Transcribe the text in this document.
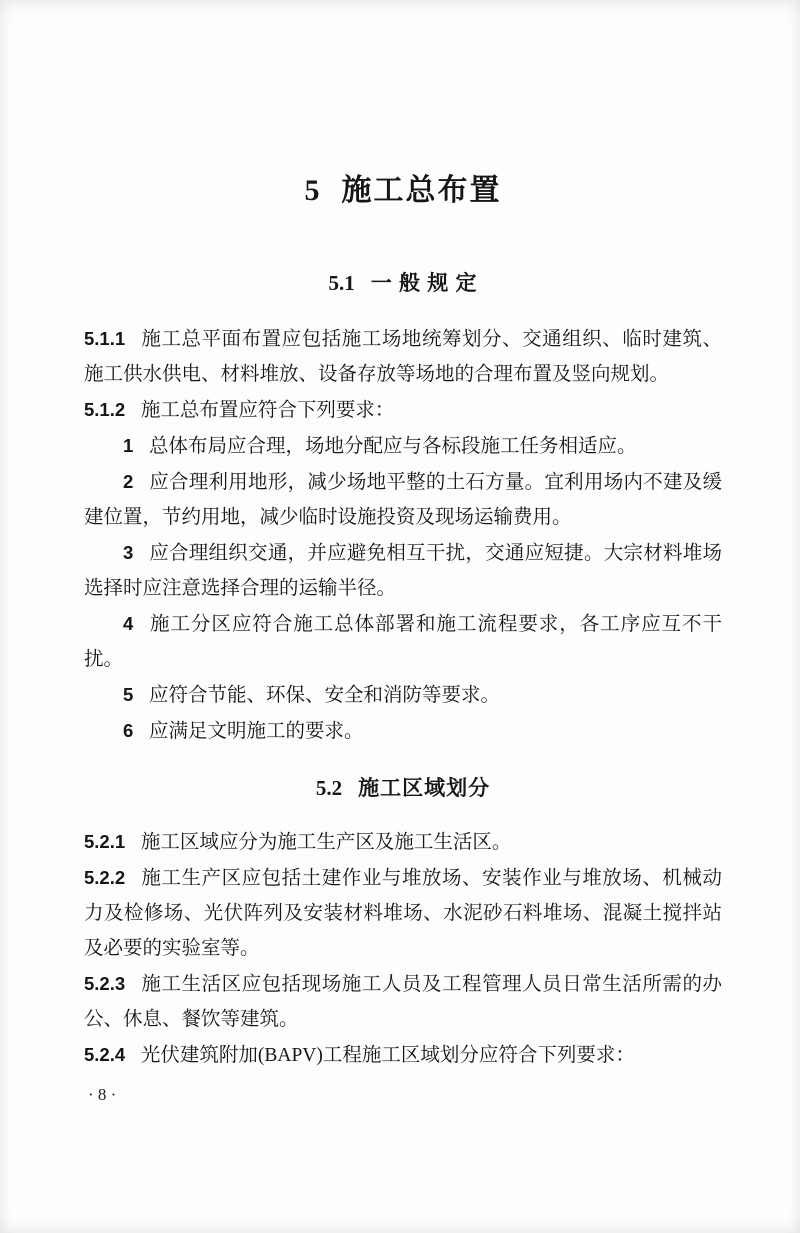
5 施工总布置
5.1 一 般 规 定

5.1.1 施工总平面布置应包括施工场地统筹划分、交通组织、临时建筑、施工供水供电、材料堆放、设备存放等场地的合理布置及竖向规划。

5.1.2 施工总布置应符合下列要求：

1 总体布局应合理，场地分配应与各标段施工任务相适应。

2 应合理利用地形，减少场地平整的土石方量。宜利用场内不建及缓建位置，节约用地，减少临时设施投资及现场运输费用。

3 应合理组织交通，并应避免相互干扰，交通应短捷。大宗材料堆场选择时应注意选择合理的运输半径。

4 施工分区应符合施工总体部署和施工流程要求，各工序应互不干扰。

5 应符合节能、环保、安全和消防等要求。

6 应满足文明施工的要求。

5.2 施工区域划分

5.2.1 施工区域应分为施工生产区及施工生活区。

5.2.2 施工生产区应包括土建作业与堆放场、安装作业与堆放场、机械动力及检修场、光伏阵列及安装材料堆场、水泥砂石料堆场、混凝土搅拌站及必要的实验室等。

5.2.3 施工生活区应包括现场施工人员及工程管理人员日常生活所需的办公、休息、餐饮等建筑。

5.2.4 光伏建筑附加(BAPV)工程施工区域划分应符合下列要求：

· 8 ·
